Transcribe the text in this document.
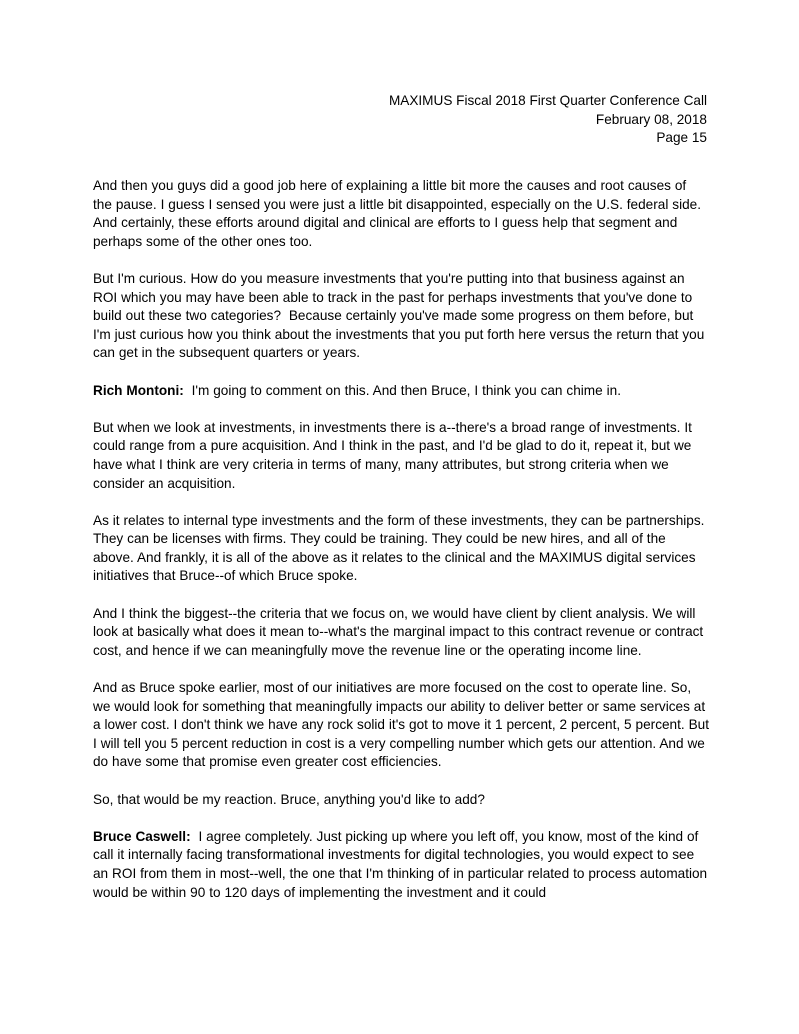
MAXIMUS Fiscal 2018 First Quarter Conference Call
February 08, 2018
Page 15
And then you guys did a good job here of explaining a little bit more the causes and root causes of the pause. I guess I sensed you were just a little bit disappointed, especially on the U.S. federal side. And certainly, these efforts around digital and clinical are efforts to I guess help that segment and perhaps some of the other ones too.
But I'm curious. How do you measure investments that you're putting into that business against an ROI which you may have been able to track in the past for perhaps investments that you've done to build out these two categories?  Because certainly you've made some progress on them before, but I'm just curious how you think about the investments that you put forth here versus the return that you can get in the subsequent quarters or years.
Rich Montoni:  I'm going to comment on this. And then Bruce, I think you can chime in.
But when we look at investments, in investments there is a--there's a broad range of investments. It could range from a pure acquisition. And I think in the past, and I'd be glad to do it, repeat it, but we have what I think are very criteria in terms of many, many attributes, but strong criteria when we consider an acquisition.
As it relates to internal type investments and the form of these investments, they can be partnerships. They can be licenses with firms. They could be training. They could be new hires, and all of the above. And frankly, it is all of the above as it relates to the clinical and the MAXIMUS digital services initiatives that Bruce--of which Bruce spoke.
And I think the biggest--the criteria that we focus on, we would have client by client analysis. We will look at basically what does it mean to--what's the marginal impact to this contract revenue or contract cost, and hence if we can meaningfully move the revenue line or the operating income line.
And as Bruce spoke earlier, most of our initiatives are more focused on the cost to operate line. So, we would look for something that meaningfully impacts our ability to deliver better or same services at a lower cost. I don't think we have any rock solid it's got to move it 1 percent, 2 percent, 5 percent. But I will tell you 5 percent reduction in cost is a very compelling number which gets our attention. And we do have some that promise even greater cost efficiencies.
So, that would be my reaction. Bruce, anything you'd like to add?
Bruce Caswell:  I agree completely. Just picking up where you left off, you know, most of the kind of call it internally facing transformational investments for digital technologies, you would expect to see an ROI from them in most--well, the one that I'm thinking of in particular related to process automation would be within 90 to 120 days of implementing the investment and it could
